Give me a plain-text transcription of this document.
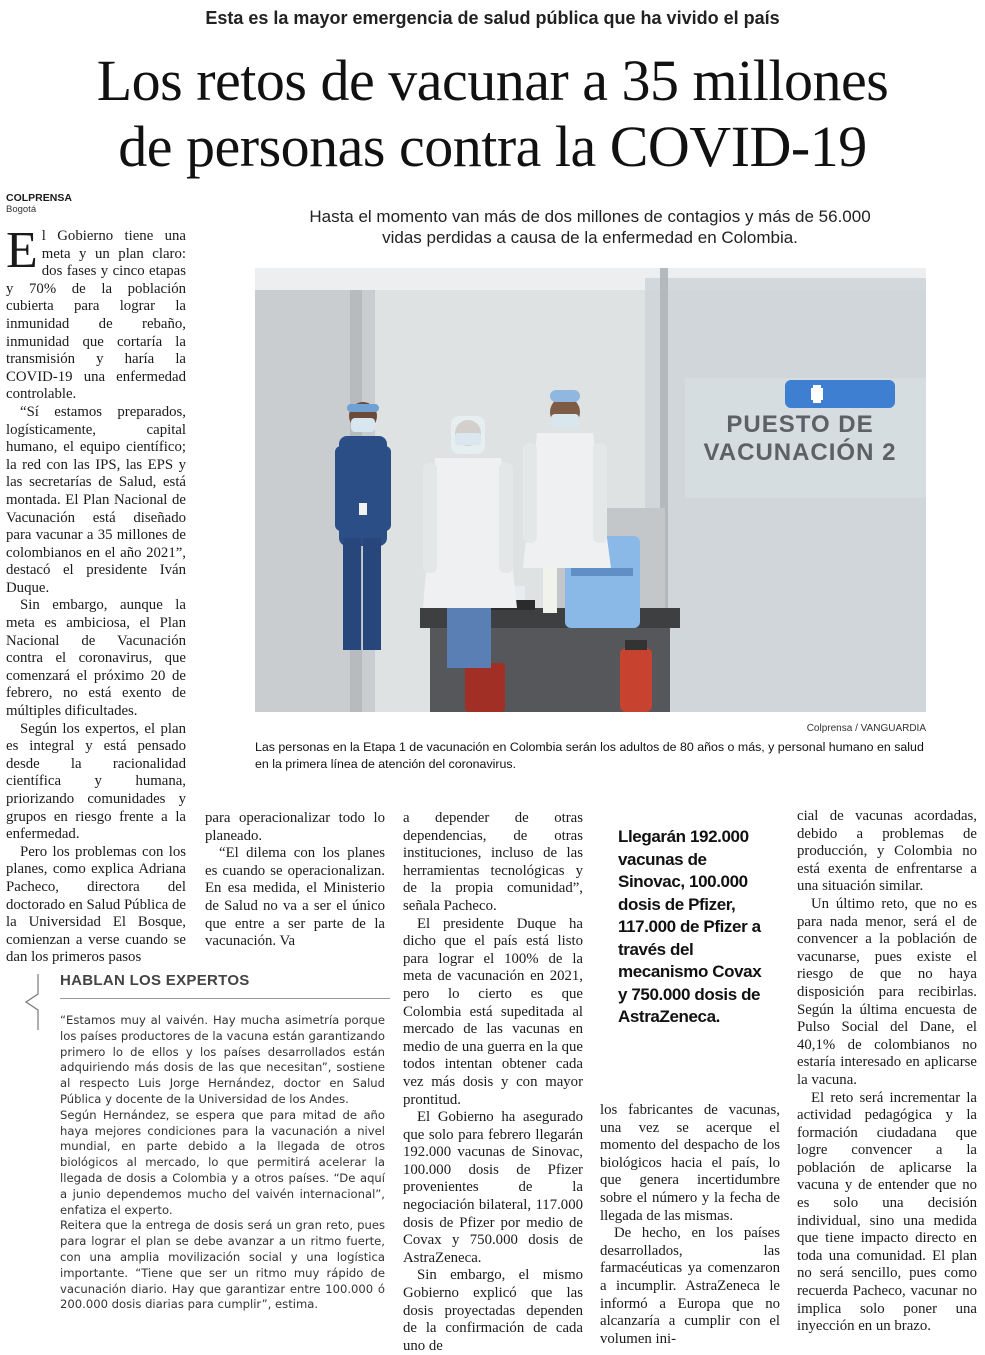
Esta es la mayor emergencia de salud pública que ha vivido el país
Los retos de vacunar a 35 millones
de personas contra la COVID-19
COLPRENSA
Bogotá	Hasta el momento van más de dos millones de contagios y más de 56.000
vidas perdidas a causa de la enfermedad en Colombia.
PUESTO DE
VACUNACIÓN 2
Colprensa / VANGUARDIA
Las personas en la Etapa 1 de vacunación en Colombia serán los adultos de 80 años o más, y personal humano en salud en la primera línea de atención del coronavirus.

El Gobierno tiene una meta y un plan claro: dos fases y cinco etapas y 70% de la población cubierta para lograr la inmunidad de rebaño, inmunidad que cortaría la transmisión y haría la COVID-19 una enfermedad controlable.

“Sí estamos preparados, logísticamente, capital humano, el equipo científico; la red con las IPS, las EPS y las secretarías de Salud, está montada. El Plan Nacional de Vacunación está diseñado para vacunar a 35 millones de colombianos en el año 2021”, destacó el presidente Iván Duque.

Sin embargo, aunque la meta es ambiciosa, el Plan Nacional de Vacunación contra el coronavirus, que comenzará el próximo 20 de febrero, no está exento de múltiples dificultades.

Según los expertos, el plan es integral y está pensado desde la racionalidad científica y humana, priorizando comunidades y grupos en riesgo frente a la enfermedad.

Pero los problemas con los planes, como explica Adriana Pacheco, directora del doctorado en Salud Pública de la Universidad El Bosque, comienzan a verse cuando se dan los primeros pasos

para operacionalizar todo lo planeado.

“El dilema con los planes es cuando se operacionalizan. En esa medida, el Ministerio de Salud no va a ser el único que entre a ser parte de la vacunación. Va

a depender de otras dependencias, de otras instituciones, incluso de las herramientas tecnológicas y de la propia comunidad”, señala Pacheco.

El presidente Duque ha dicho que el país está listo para lograr el 100% de la meta de vacunación en 2021, pero lo cierto es que Colombia está supeditada al mercado de las vacunas en medio de una guerra en la que todos intentan obtener cada vez más dosis y con mayor prontitud.

El Gobierno ha asegurado que solo para febrero llegarán 192.000 vacunas de Sinovac, 100.000 dosis de Pfizer provenientes de la negociación bilateral, 117.000 dosis de Pfizer por medio de Covax y 750.000 dosis de AstraZeneca.

Sin embargo, el mismo Gobierno explicó que las dosis proyectadas dependen de la confirmación de cada uno de

Llegarán 192.000 vacunas de Sinovac, 100.000 dosis de Pfizer, 117.000 de Pfizer a través del mecanismo Covax y 750.000 dosis de AstraZeneca.

los fabricantes de vacunas, una vez se acerque el momento del despacho de los biológicos hacia el país, lo que genera incertidumbre sobre el número y la fecha de llegada de las mismas.

De hecho, en los países desarrollados, las farmacéuticas ya comenzaron a incumplir. AstraZeneca le informó a Europa que no alcanzaría a cumplir con el volumen ini-

cial de vacunas acordadas, debido a problemas de producción, y Colombia no está exenta de enfrentarse a una situación similar.

Un último reto, que no es para nada menor, será el de convencer a la población de vacunarse, pues existe el riesgo de que no haya disposición para recibirlas. Según la última encuesta de Pulso Social del Dane, el 40,1% de colombianos no estaría interesado en aplicarse la vacuna.

El reto será incrementar la actividad pedagógica y la formación ciudadana que logre convencer a la población de aplicarse la vacuna y de entender que no es solo una decisión individual, sino una medida que tiene impacto directo en toda una comunidad. El plan no será sencillo, pues como recuerda Pacheco, vacunar no implica solo poner una inyección en un brazo.

HABLAN LOS EXPERTOS

“Estamos muy al vaivén. Hay mucha asimetría porque los países productores de la vacuna están garantizando primero lo de ellos y los países desarrollados están adquiriendo más dosis de las que necesitan”, sostiene al respecto Luis Jorge Hernández, doctor en Salud Pública y docente de la Universidad de los Andes.

Según Hernández, se espera que para mitad de año haya mejores condiciones para la vacunación a nivel mundial, en parte debido a la llegada de otros biológicos al mercado, lo que permitirá acelerar la llegada de dosis a Colombia y a otros países. “De aquí a junio dependemos mucho del vaivén internacional”, enfatiza el experto.

Reitera que la entrega de dosis será un gran reto, pues para lograr el plan se debe avanzar a un ritmo fuerte, con una amplia movilización social y una logística importante. “Tiene que ser un ritmo muy rápido de vacunación diario. Hay que garantizar entre 100.000 ó 200.000 dosis diarias para cumplir”, estima.
